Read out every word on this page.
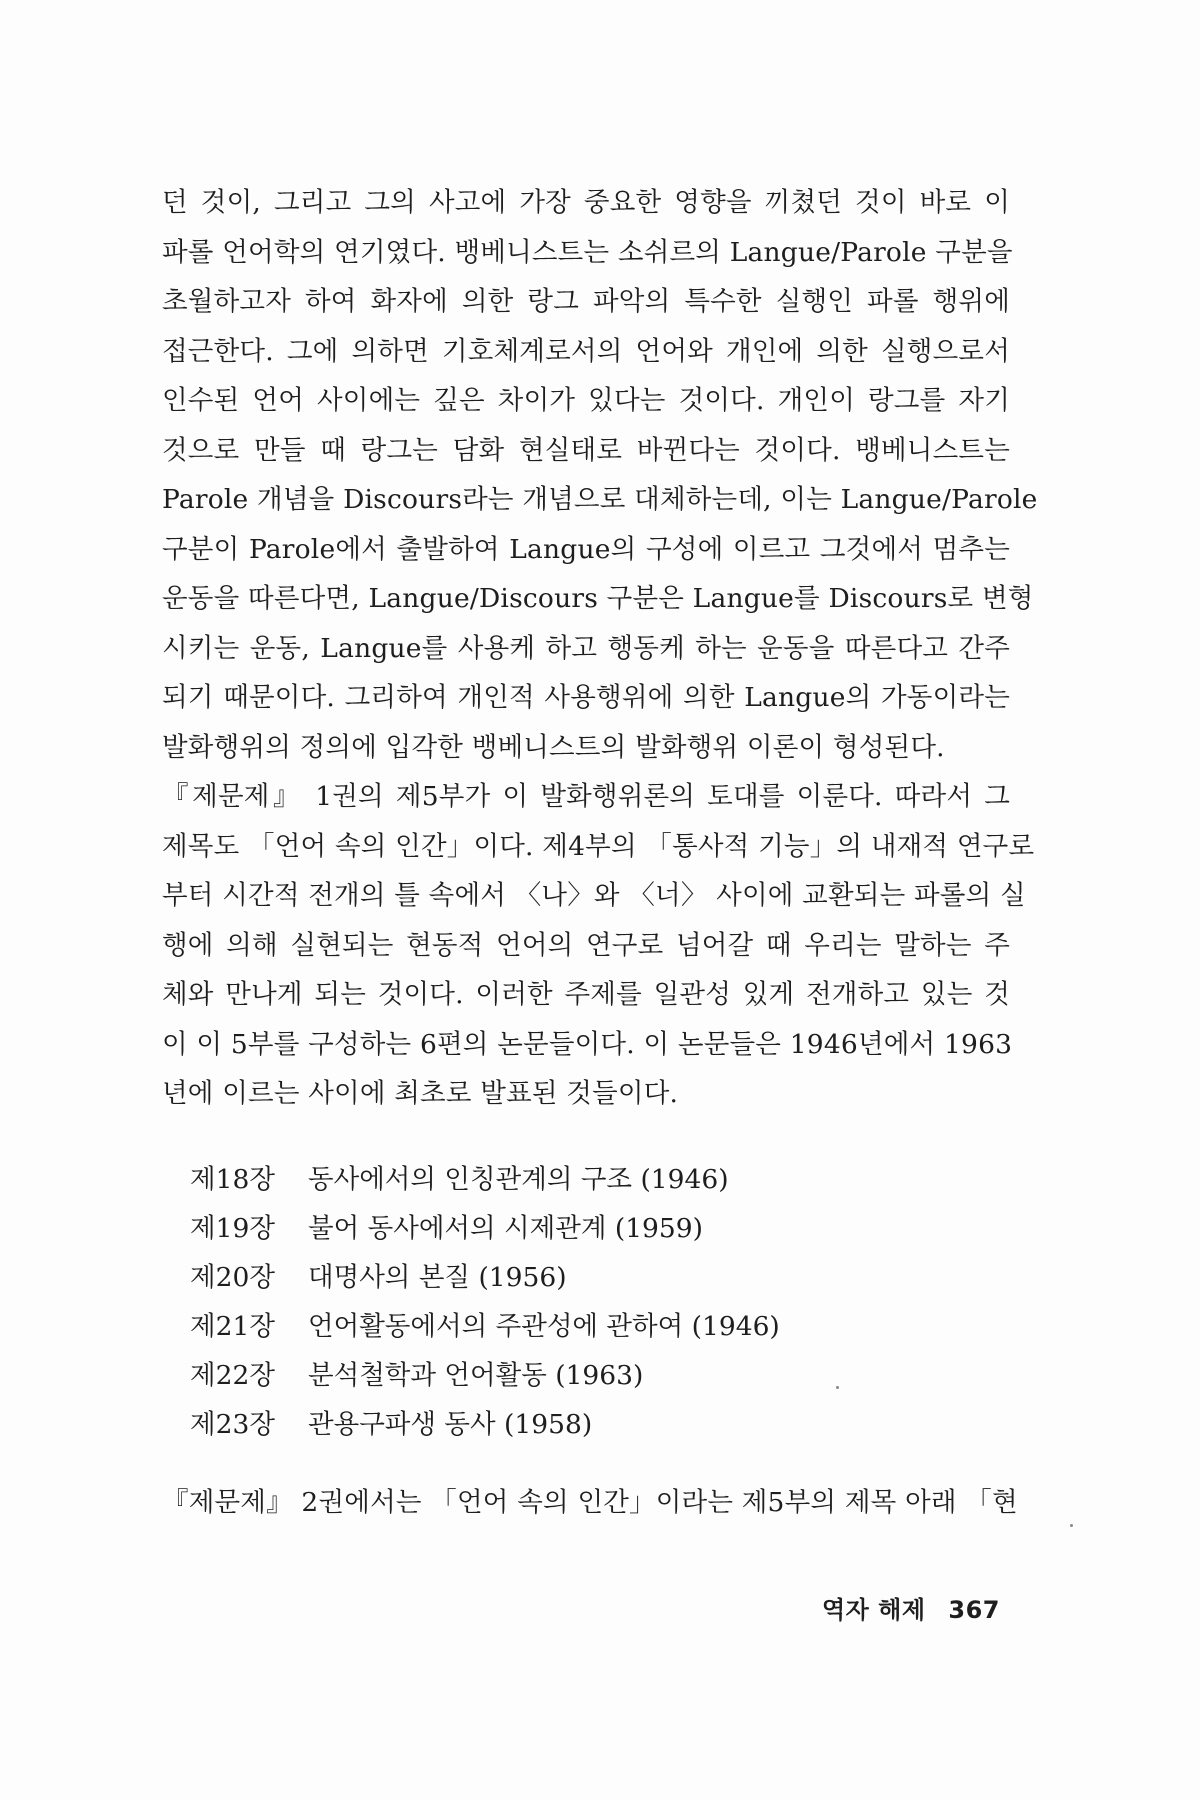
던 것이, 그리고 그의 사고에 가장 중요한 영향을 끼쳤던 것이 바로 이
파롤 언어학의 연기였다. 뱅베니스트는 소쉬르의 Langue/Parole 구분을
초월하고자 하여 화자에 의한 랑그 파악의 특수한 실행인 파롤 행위에
접근한다. 그에 의하면 기호체계로서의 언어와 개인에 의한 실행으로서
인수된 언어 사이에는 깊은 차이가 있다는 것이다. 개인이 랑그를 자기
것으로 만들 때 랑그는 담화 현실태로 바뀐다는 것이다. 뱅베니스트는
Parole 개념을 Discours라는 개념으로 대체하는데, 이는 Langue/Parole
구분이 Parole에서 출발하여 Langue의 구성에 이르고 그것에서 멈추는
운동을 따른다면, Langue/Discours 구분은 Langue를 Discours로 변형
시키는 운동, Langue를 사용케 하고 행동케 하는 운동을 따른다고 간주
되기 때문이다. 그리하여 개인적 사용행위에 의한 Langue의 가동이라는
발화행위의 정의에 입각한 뱅베니스트의 발화행위 이론이 형성된다.
『제문제』 1권의 제5부가 이 발화행위론의 토대를 이룬다. 따라서 그
제목도 「언어 속의 인간」이다. 제4부의 「통사적 기능」의 내재적 연구로
부터 시간적 전개의 틀 속에서 〈나〉와 〈너〉 사이에 교환되는 파롤의 실
행에 의해 실현되는 현동적 언어의 연구로 넘어갈 때 우리는 말하는 주
체와 만나게 되는 것이다. 이러한 주제를 일관성 있게 전개하고 있는 것
이 이 5부를 구성하는 6편의 논문들이다. 이 논문들은 1946년에서 1963
년에 이르는 사이에 최초로 발표된 것들이다.
제18장	동사에서의 인칭관계의 구조 (1946)
제19장	불어 동사에서의 시제관계 (1959)
제20장	대명사의 본질 (1956)
제21장	언어활동에서의 주관성에 관하여 (1946)
제22장	분석철학과 언어활동 (1963)
제23장	관용구파생 동사 (1958)
『제문제』 2권에서는 「언어 속의 인간」이라는 제5부의 제목 아래 「현
역자 해제 367
